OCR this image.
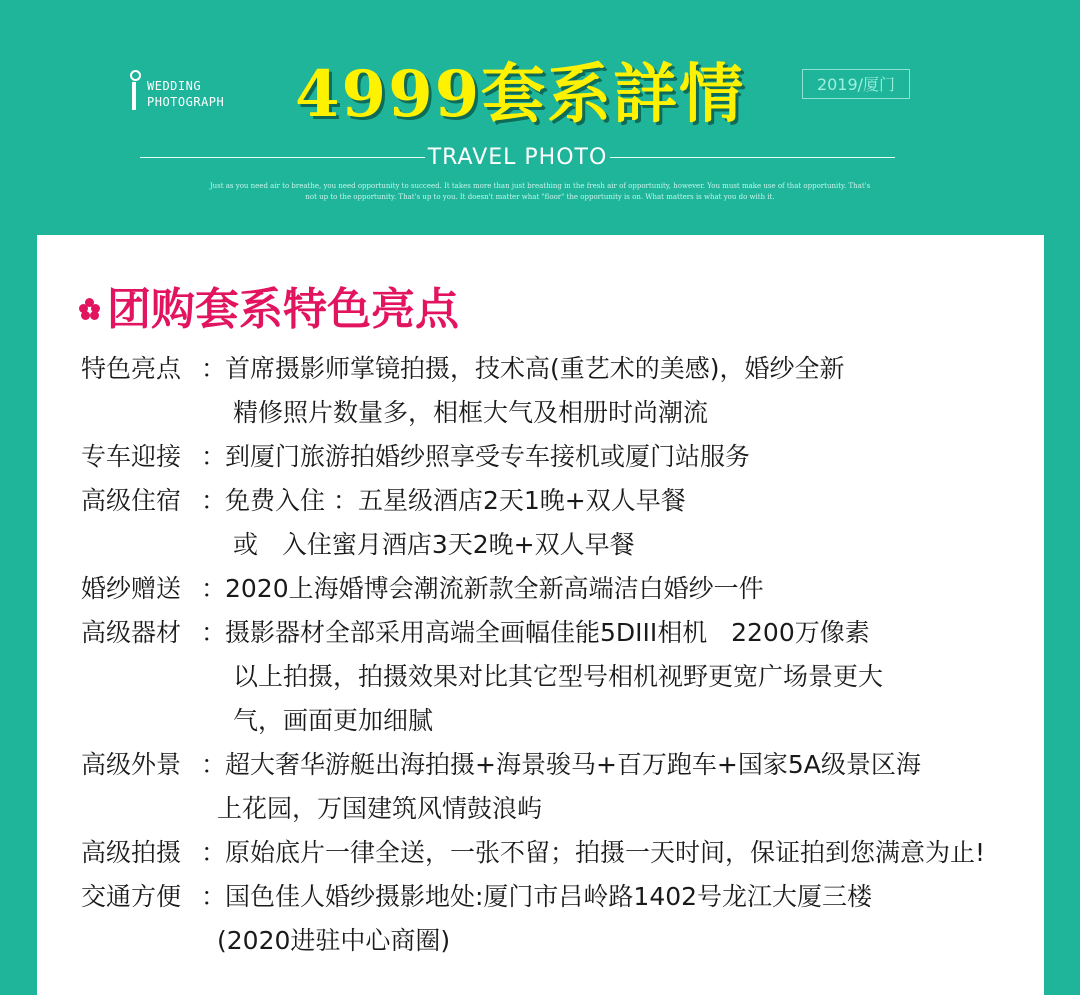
WEDDING
PHOTOGRAPH 4999套系詳情	2019/厦门
TRAVEL PHOTO
Just as you need air to breathe, you need opportunity to succeed. It takes more than just breathing in the fresh air of opportunity, however. You must make use of that opportunity. That's
not up to the opportunity. That's up to you. It doesn't matter what "floor" the opportunity is on. What matters is what you do with it.
团购套系特色亮点
特色亮点 ：
首席摄影师掌镜拍摄，技术高(重艺术的美感)，婚纱全新
精修照片数量多，相框大气及相册时尚潮流
专车迎接 ：
到厦门旅游拍婚纱照享受专车接机或厦门站服务
高级住宿 ：
免费入住 ：五星级酒店2天1晚+双人早餐
或   入住蜜月酒店3天2晚+双人早餐
婚纱赠送 ：
2020上海婚博会潮流新款全新高端洁白婚纱一件
高级器材 ：
摄影器材全部采用高端全画幅佳能5DIII相机   2200万像素
以上拍摄，拍摄效果对比其它型号相机视野更宽广场景更大
气，画面更加细腻
高级外景 ：
超大奢华游艇出海拍摄+海景骏马+百万跑车+国家5A级景区海
上花园，万国建筑风情鼓浪屿
高级拍摄 ：
原始底片一律全送，一张不留；拍摄一天时间，保证拍到您满意为止!
交通方便 ：
国色佳人婚纱摄影地处:厦门市吕岭路1402号龙江大厦三楼
(2020进驻中心商圈)
